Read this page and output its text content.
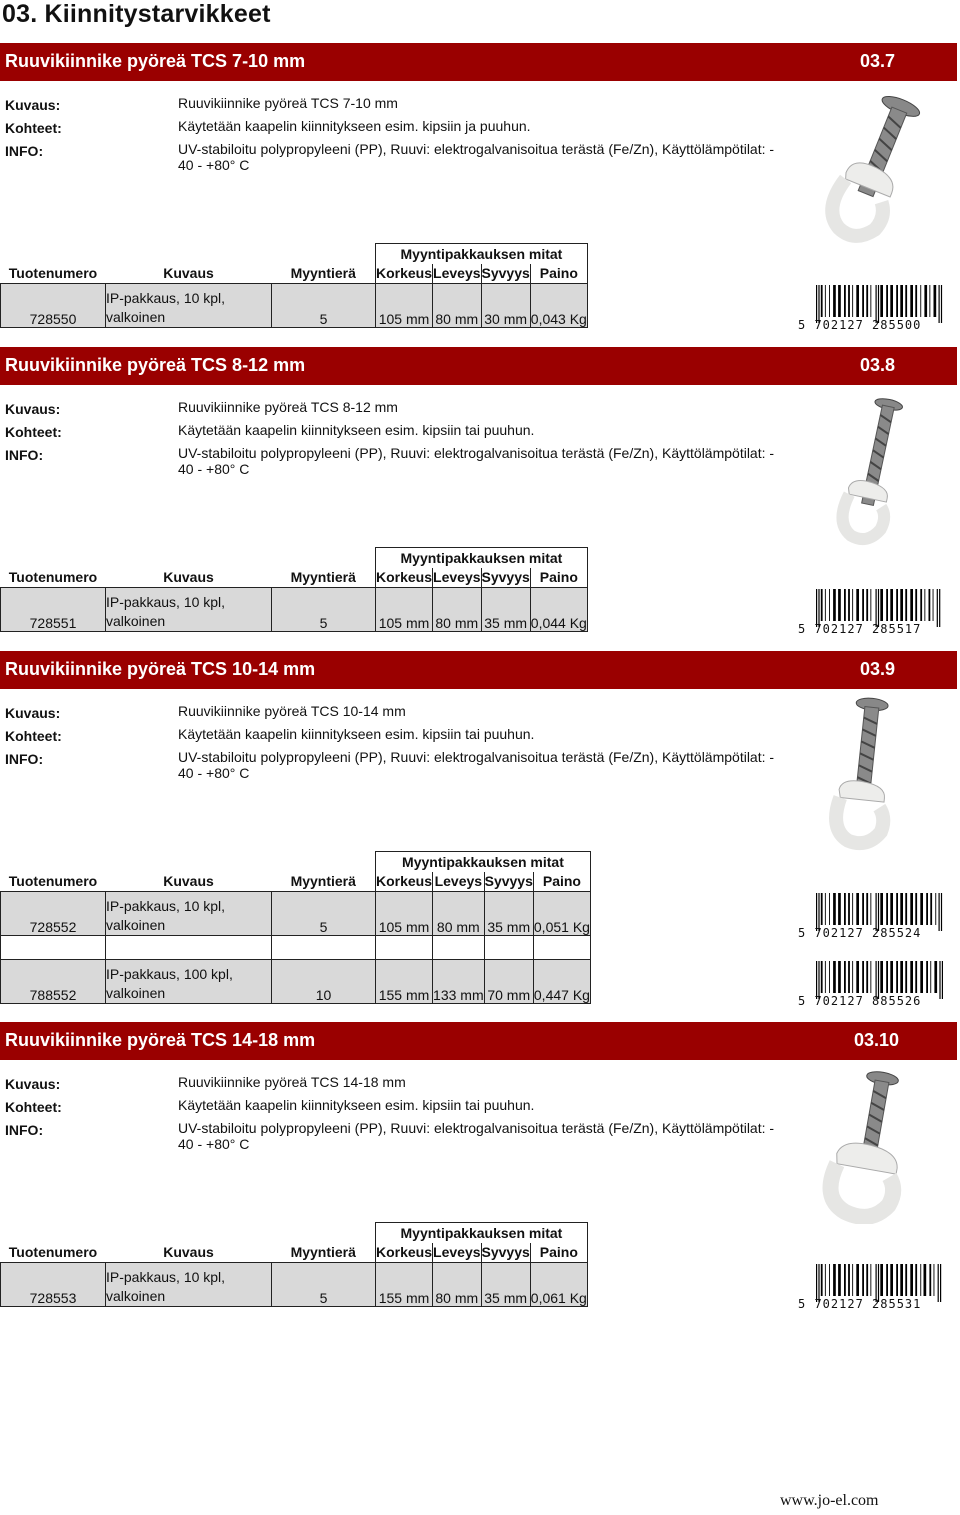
03. Kiinnitystarvikkeet
Ruuvikiinnike pyöreä TCS 7-10 mm	03.7
Kuvaus:	Ruuvikiinnike pyöreä TCS 7-10 mm
Kohteet:	Käytetään kaapelin kiinnitykseen esim. kipsiin ja puuhun.
INFO:	UV-stabiloitu polypropyleeni (PP), Ruuvi: elektrogalvanisoitua terästä (Fe/Zn), Käyttölämpötilat: - 40 - +80° C
			Myyntipakkauksen mitat			
Tuotenumero	Kuvaus	Myyntierä	Korkeus	Leveys	Syvyys	Paino
728550	IP-pakkaus, 10 kpl,
valkoinen	5	105 mm	80 mm	30 mm	0,043 Kg	5 702127 285500
Ruuvikiinnike pyöreä TCS 8-12 mm	03.8
Kuvaus:	Ruuvikiinnike pyöreä TCS 8-12 mm
Kohteet:	Käytetään kaapelin kiinnitykseen esim. kipsiin tai puuhun.
INFO:	UV-stabiloitu polypropyleeni (PP), Ruuvi: elektrogalvanisoitua terästä (Fe/Zn), Käyttölämpötilat: - 40 - +80° C
			Myyntipakkauksen mitat			
Tuotenumero	Kuvaus	Myyntierä	Korkeus	Leveys	Syvyys	Paino
728551	IP-pakkaus, 10 kpl,
valkoinen	5	105 mm	80 mm	35 mm	0,044 Kg	5 702127 285517
Ruuvikiinnike pyöreä TCS 10-14 mm	03.9
Kuvaus:	Ruuvikiinnike pyöreä TCS 10-14 mm
Kohteet:	Käytetään kaapelin kiinnitykseen esim. kipsiin tai puuhun.
INFO:	UV-stabiloitu polypropyleeni (PP), Ruuvi: elektrogalvanisoitua terästä (Fe/Zn), Käyttölämpötilat: - 40 - +80° C
			Myyntipakkauksen mitat			
Tuotenumero	Kuvaus	Myyntierä	Korkeus	Leveys	Syvyys	Paino
728552	IP-pakkaus, 10 kpl,
valkoinen	5	105 mm	80 mm	35 mm	0,051 Kg

788552	IP-pakkaus, 100 kpl,
valkoinen	10	155 mm	133 mm	70 mm	0,447 Kg
5 702127 285524
5 702127 885526
Ruuvikiinnike pyöreä TCS 14-18 mm	03.10
Kuvaus:	Ruuvikiinnike pyöreä TCS 14-18 mm
Kohteet:	Käytetään kaapelin kiinnitykseen esim. kipsiin tai puuhun.
INFO:	UV-stabiloitu polypropyleeni (PP), Ruuvi: elektrogalvanisoitua terästä (Fe/Zn), Käyttölämpötilat: - 40 - +80° C
			Myyntipakkauksen mitat			
Tuotenumero	Kuvaus	Myyntierä	Korkeus	Leveys	Syvyys	Paino
728553	IP-pakkaus, 10 kpl,
valkoinen	5	155 mm	80 mm	35 mm	0,061 Kg	5 702127 285531
www.jo-el.com
